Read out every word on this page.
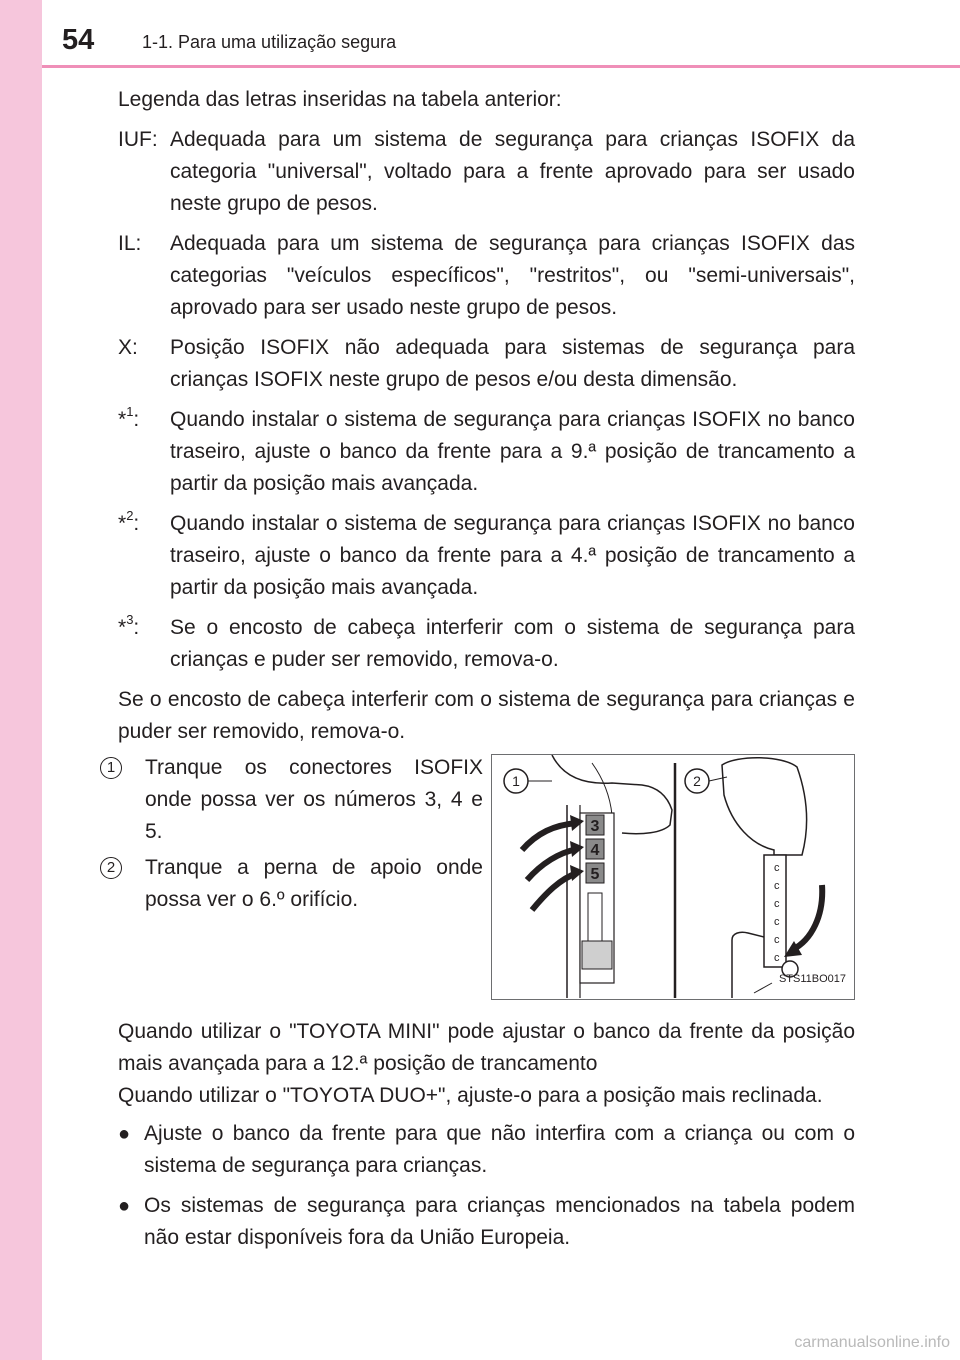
54	1-1. Para uma utilização segura

Legenda das letras inseridas na tabela anterior:

IUF: Adequada para um sistema de segurança para crianças ISOFIX da categoria "universal", voltado para a frente aprovado para ser usado neste grupo de pesos.
IL:	Adequada para um sistema de segurança para crianças ISOFIX das categorias "veículos específicos", "restritos", ou "semi-universais", aprovado para ser usado neste grupo de pesos.
X:	Posição ISOFIX não adequada para sistemas de segurança para crianças ISOFIX neste grupo de pesos e/ou desta dimensão.
*$^1$:	Quando instalar o sistema de segurança para crianças ISOFIX no banco traseiro, ajuste o banco da frente para a 9.ª posição de trancamento a partir da posição mais avançada.
*$^2$:	Quando instalar o sistema de segurança para crianças ISOFIX no banco traseiro, ajuste o banco da frente para a 4.ª posição de trancamento a partir da posição mais avançada.
*$^3$:	Se o encosto de cabeça interferir com o sistema de segurança para crianças e puder ser removido, remova-o.

Se o encosto de cabeça interferir com o sistema de segurança para crianças e puder ser removido, remova-o.

1	Tranque os conectores ISOFIX onde possa ver os números 3, 4 e 5.
2	Tranque a perna de apoio onde possa ver o 6.º orifício.
3
4
5	c
c
c
c
c
c
1	2
STS11BO017

Quando utilizar o "TOYOTA MINI" pode ajustar o banco da frente da posição mais avançada para a 12.ª posição de trancamento

Quando utilizar o "TOYOTA DUO+", ajuste-o para a posição mais reclinada.

● Ajuste o banco da frente para que não interfira com a criança ou com o sistema de segurança para crianças.
● Os sistemas de segurança para crianças mencionados na tabela podem não estar disponíveis fora da União Europeia.
carmanualsonline.info
